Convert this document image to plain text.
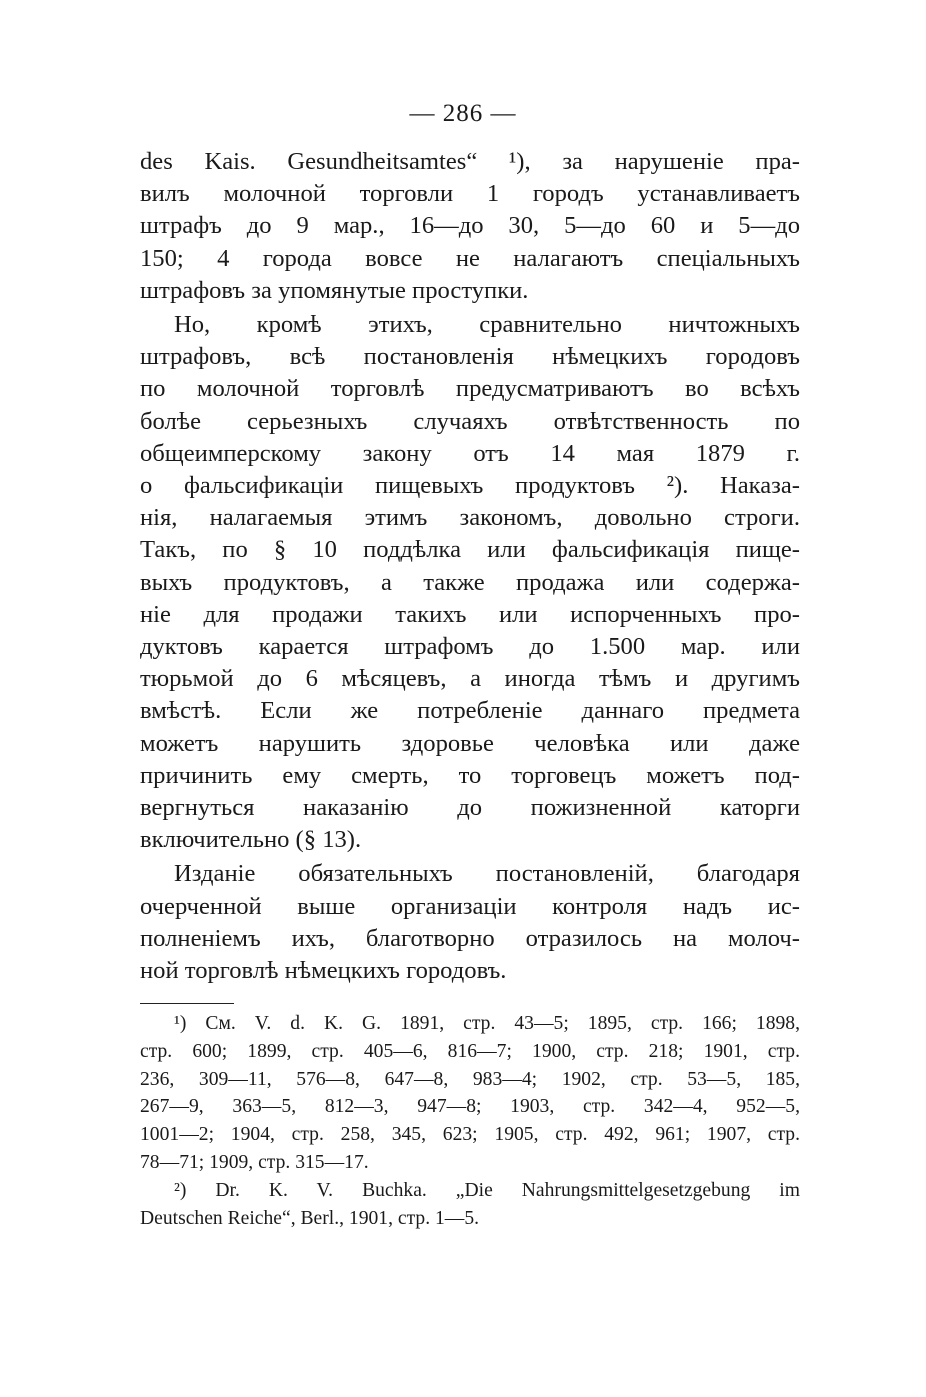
— 286 —

des Kais. Gesundheitsamtes“ ¹), за нарушеніе пра-
вилъ молочной торговли 1 городъ устанавливаетъ
штрафъ до 9 мар., 16—до 30, 5—до 60 и 5—до
150; 4 города вовсе не налагаютъ спеціальныхъ
штрафовъ за упомянутые проступки.

Но, кромѣ этихъ, сравнительно ничтожныхъ
штрафовъ, всѣ постановленія нѣмецкихъ городовъ
по молочной торговлѣ предусматриваютъ во всѣхъ
болѣе серьезныхъ случаяхъ отвѣтственность по
общеимперскому закону отъ 14 мая 1879 г.
о фальсификаціи пищевыхъ продуктовъ ²). Наказа-
нія, налагаемыя этимъ закономъ, довольно строги.
Такъ, по § 10 поддѣлка или фальсификація пище-
выхъ продуктовъ, а также продажа или содержа-
ніе для продажи такихъ или испорченныхъ про-
дуктовъ карается штрафомъ до 1.500 мар. или
тюрьмой до 6 мѣсяцевъ, а иногда тѣмъ и другимъ
вмѣстѣ. Если же потребленіе даннаго предмета
можетъ нарушить здоровье человѣка или даже
причинить ему смерть, то торговецъ можетъ под-
вергнуться наказанію до пожизненной каторги
включительно (§ 13).

Изданіе обязательныхъ постановленій, благодаря
очерченной выше организаціи контроля надъ ис-
полненіемъ ихъ, благотворно отразилось на молоч-
ной торговлѣ нѣмецкихъ городовъ.

¹) См. V. d. K. G. 1891, стр. 43—5; 1895, стр. 166; 1898,
стр. 600; 1899, стр. 405—6, 816—7; 1900, стр. 218; 1901, стр.
236, 309—11, 576—8, 647—8, 983—4; 1902, стр. 53—5, 185,
267—9, 363—5, 812—3, 947—8; 1903, стр. 342—4, 952—5,
1001—2; 1904, стр. 258, 345, 623; 1905, стр. 492, 961; 1907, стр.
78—71; 1909, стр. 315—17.

²) Dr. K. V. Buchka. „Die Nahrungsmittelgesetzgebung im
Deutschen Reiche“, Berl., 1901, стр. 1—5.
